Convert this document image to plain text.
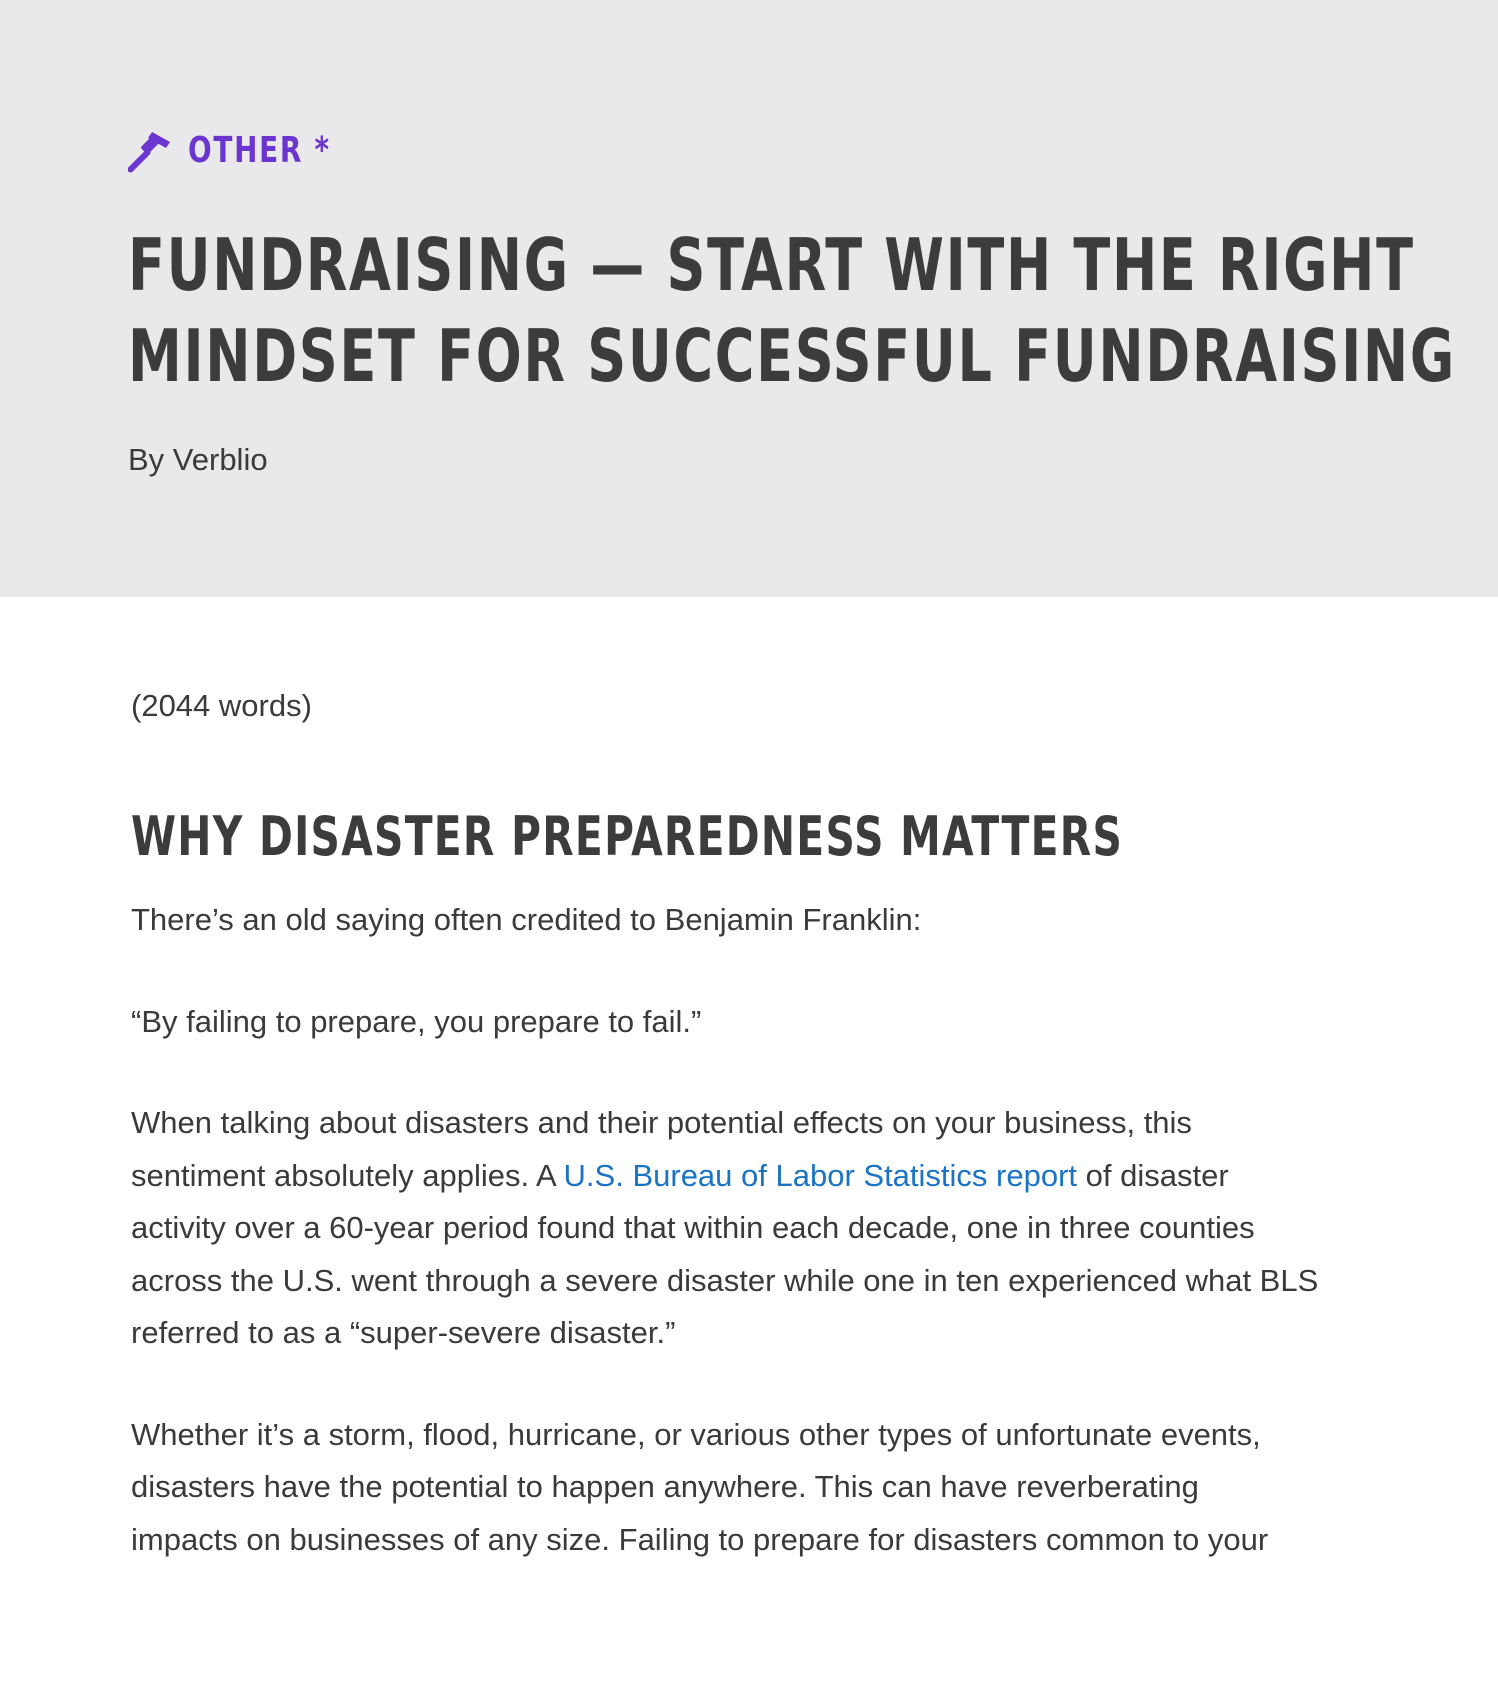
OTHER *
FUNDRAISING — START WITH THE RIGHT
MINDSET FOR SUCCESSFUL FUNDRAISING
By Verblio

(2044 words)

WHY DISASTER PREPAREDNESS MATTERS

There’s an old saying often credited to Benjamin Franklin:

“By failing to prepare, you prepare to fail.”

When talking about disasters and their potential effects on your business, this
sentiment absolutely applies. A U.S. Bureau of Labor Statistics report of disaster
activity over a 60-year period found that within each decade, one in three counties
across the U.S. went through a severe disaster while one in ten experienced what BLS
referred to as a “super-severe disaster.”

Whether it’s a storm, flood, hurricane, or various other types of unfortunate events,
disasters have the potential to happen anywhere. This can have reverberating
impacts on businesses of any size. Failing to prepare for disasters common to your
